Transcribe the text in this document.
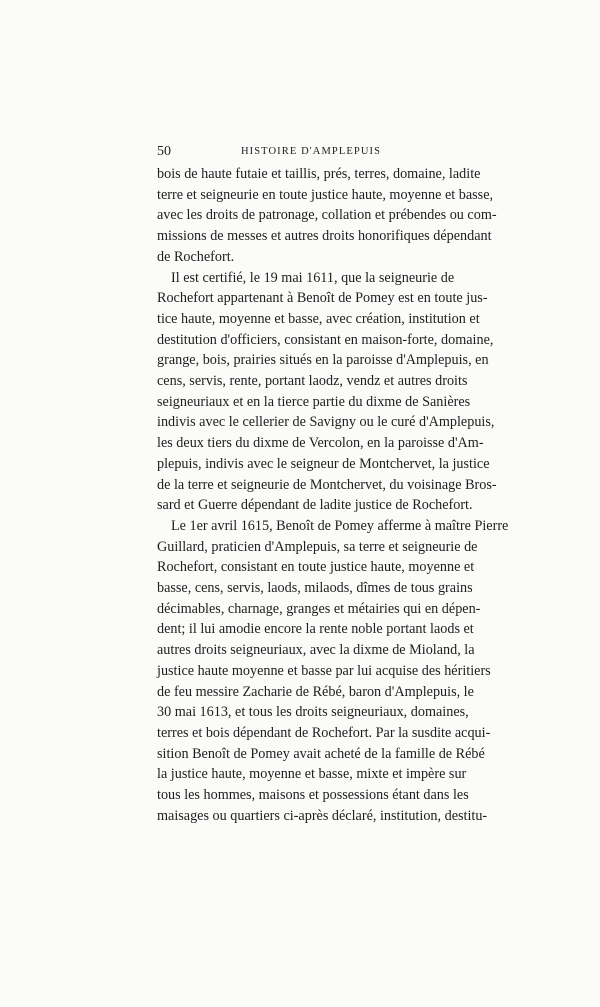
50	HISTOIRE D'AMPLEPUIS

bois de haute futaie et taillis, prés, terres, domaine, ladite
terre et seigneurie en toute justice haute, moyenne et basse,
avec les droits de patronage, collation et prébendes ou com-
missions de messes et autres droits honorifiques dépendant
de Rochefort.

Il est certifié, le 19 mai 1611, que la seigneurie de
Rochefort appartenant à Benoît de Pomey est en toute jus-
tice haute, moyenne et basse, avec création, institution et
destitution d'officiers, consistant en maison-forte, domaine,
grange, bois, prairies situés en la paroisse d'Amplepuis, en
cens, servis, rente, portant laodz, vendz et autres droits
seigneuriaux et en la tierce partie du dixme de Sanières
indivis avec le cellerier de Savigny ou le curé d'Amplepuis,
les deux tiers du dixme de Vercolon, en la paroisse d'Am-
plepuis, indivis avec le seigneur de Montchervet, la justice
de la terre et seigneurie de Montchervet, du voisinage Bros-
sard et Guerre dépendant de ladite justice de Rochefort.

Le 1er avril 1615, Benoît de Pomey afferme à maître Pierre
Guillard, praticien d'Amplepuis, sa terre et seigneurie de
Rochefort, consistant en toute justice haute, moyenne et
basse, cens, servis, laods, milaods, dîmes de tous grains
décimables, charnage, granges et métairies qui en dépen-
dent; il lui amodie encore la rente noble portant laods et
autres droits seigneuriaux, avec la dixme de Mioland, la
justice haute moyenne et basse par lui acquise des héritiers
de feu messire Zacharie de Rébé, baron d'Amplepuis, le
30 mai 1613, et tous les droits seigneuriaux, domaines,
terres et bois dépendant de Rochefort. Par la susdite acqui-
sition Benoît de Pomey avait acheté de la famille de Rébé
la justice haute, moyenne et basse, mixte et impère sur
tous les hommes, maisons et possessions étant dans les
maisages ou quartiers ci-après déclaré, institution, destitu-
